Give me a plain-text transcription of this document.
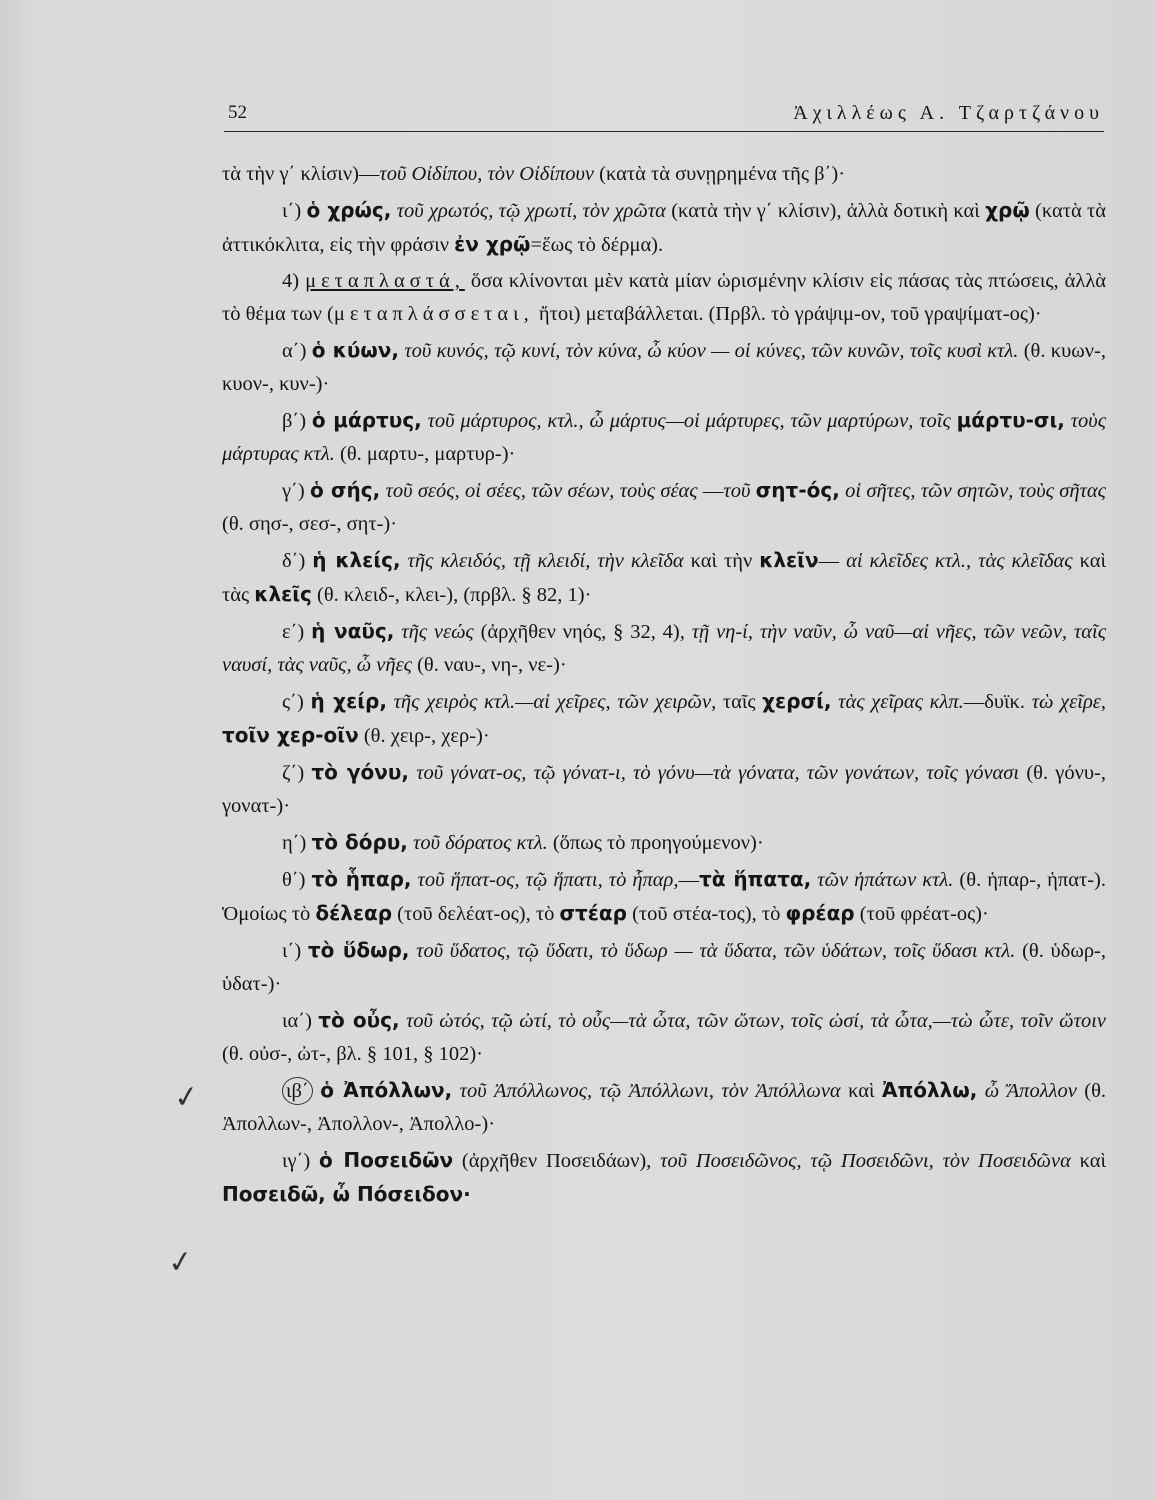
52	Ἀχιλλέως Α. Τζαρτζάνου
✓
✓

τὰ τὴν γ΄ κλίσιν)—τοῦ Οἰδίπου, τὸν Οἰδίπουν (κατὰ τὰ συνῃρημένα τῆς β΄)·

ι΄) ὁ χρώς, τοῦ χρωτός, τῷ χρωτί, τὸν χρῶτα (κατὰ τὴν γ΄ κλίσιν), ἀλλὰ δοτικὴ καὶ χρῷ (κατὰ τὰ ἀττικόκλιτα, εἰς τὴν φράσιν ἐν χρῷ=ἕως τὸ δέρμα).

4) μεταπλαστά, ὅσα κλίνονται μὲν κατὰ μίαν ὡρισμένην κλίσιν εἰς πάσας τὰς πτώσεις, ἀλλὰ τὸ θέμα των (μεταπλάσσεται, ἤτοι) μεταβάλλεται. (Πρβλ. τὸ γράψιμ-ον, τοῦ γραψίματ-ος)·

α΄) ὁ κύων, τοῦ κυνός, τῷ κυνί, τὸν κύνα, ὦ κύον — οἱ κύνες, τῶν κυνῶν, τοῖς κυσὶ κτλ. (θ. κυων-, κυον-, κυν-)·

β΄) ὁ μάρτυς, τοῦ μάρτυρος, κτλ., ὦ μάρτυς—οἱ μάρτυρες, τῶν μαρτύρων, τοῖς μάρτυ-σι, τοὺς μάρτυρας κτλ. (θ. μαρτυ-, μαρτυρ-)·

γ΄) ὁ σής, τοῦ σεός, οἱ σέες, τῶν σέων, τοὺς σέας —τοῦ σητ-ός, οἱ σῆτες, τῶν σητῶν, τοὺς σῆτας (θ. σησ-, σεσ-, σητ-)·

δ΄) ἡ κλείς, τῆς κλειδός, τῇ κλειδί, τὴν κλεῖδα καὶ τὴν κλεῖν— αἱ κλεῖδες κτλ., τὰς κλεῖδας καὶ τὰς κλεῖς (θ. κλειδ-, κλει-), (πρβλ. § 82, 1)·

ε΄) ἡ ναῦς, τῆς νεώς (ἀρχῆθεν νηός, § 32, 4), τῇ νη-ί, τὴν ναῦν, ὦ ναῦ—αἱ νῆες, τῶν νεῶν, ταῖς ναυσί, τὰς ναῦς, ὦ νῆες (θ. ναυ-, νη-, νε-)·

ς΄) ἡ χείρ, τῆς χειρὸς κτλ.—αἱ χεῖρες, τῶν χειρῶν, ταῖς χερσί, τὰς χεῖρας κλπ.—δυϊκ. τὼ χεῖρε, τοῖν χερ-οῖν (θ. χειρ-, χερ-)·

ζ΄) τὸ γόνυ, τοῦ γόνατ-ος, τῷ γόνατ-ι, τὸ γόνυ—τὰ γόνατα, τῶν γονάτων, τοῖς γόνασι (θ. γόνυ-, γονατ-)·

η΄) τὸ δόρυ, τοῦ δόρατος κτλ. (ὅπως τὸ προηγούμενον)·

θ΄) τὸ ἧπαρ, τοῦ ἥπατ-ος, τῷ ἥπατι, τὸ ἧπαρ,—τὰ ἥπατα, τῶν ἡπάτων κτλ. (θ. ἡπαρ-, ἡπατ-). Ὁμοίως τὸ δέλεαρ (τοῦ δελέατ-ος), τὸ στέαρ (τοῦ στέα-τος), τὸ φρέαρ (τοῦ φρέατ-ος)·

ι΄) τὸ ὕδωρ, τοῦ ὕδατος, τῷ ὕδατι, τὸ ὕδωρ — τὰ ὕδατα, τῶν ὑδάτων, τοῖς ὕδασι κτλ. (θ. ὑδωρ-, ὑδατ-)·

ια΄) τὸ οὖς, τοῦ ὠτός, τῷ ὠτί, τὸ οὖς—τὰ ὦτα, τῶν ὤτων, τοῖς ὠσί, τὰ ὦτα,—τὼ ὦτε, τοῖν ὤτοιν (θ. οὐσ-, ὠτ-, βλ. § 101, § 102)·

ιβ΄ ὁ Ἀπόλλων, τοῦ Ἀπόλλωνος, τῷ Ἀπόλλωνι, τὸν Ἀπόλλωνα καὶ Ἀπόλλω, ὦ Ἄπολλον (θ. Ἀπολλων-, Ἀπολλον-, Ἀπολλο-)·

ιγ΄) ὁ Ποσειδῶν (ἀρχῆθεν Ποσειδάων), τοῦ Ποσειδῶνος, τῷ Ποσειδῶνι, τὸν Ποσειδῶνα καὶ Ποσειδῶ, ὦ Πόσειδον·
